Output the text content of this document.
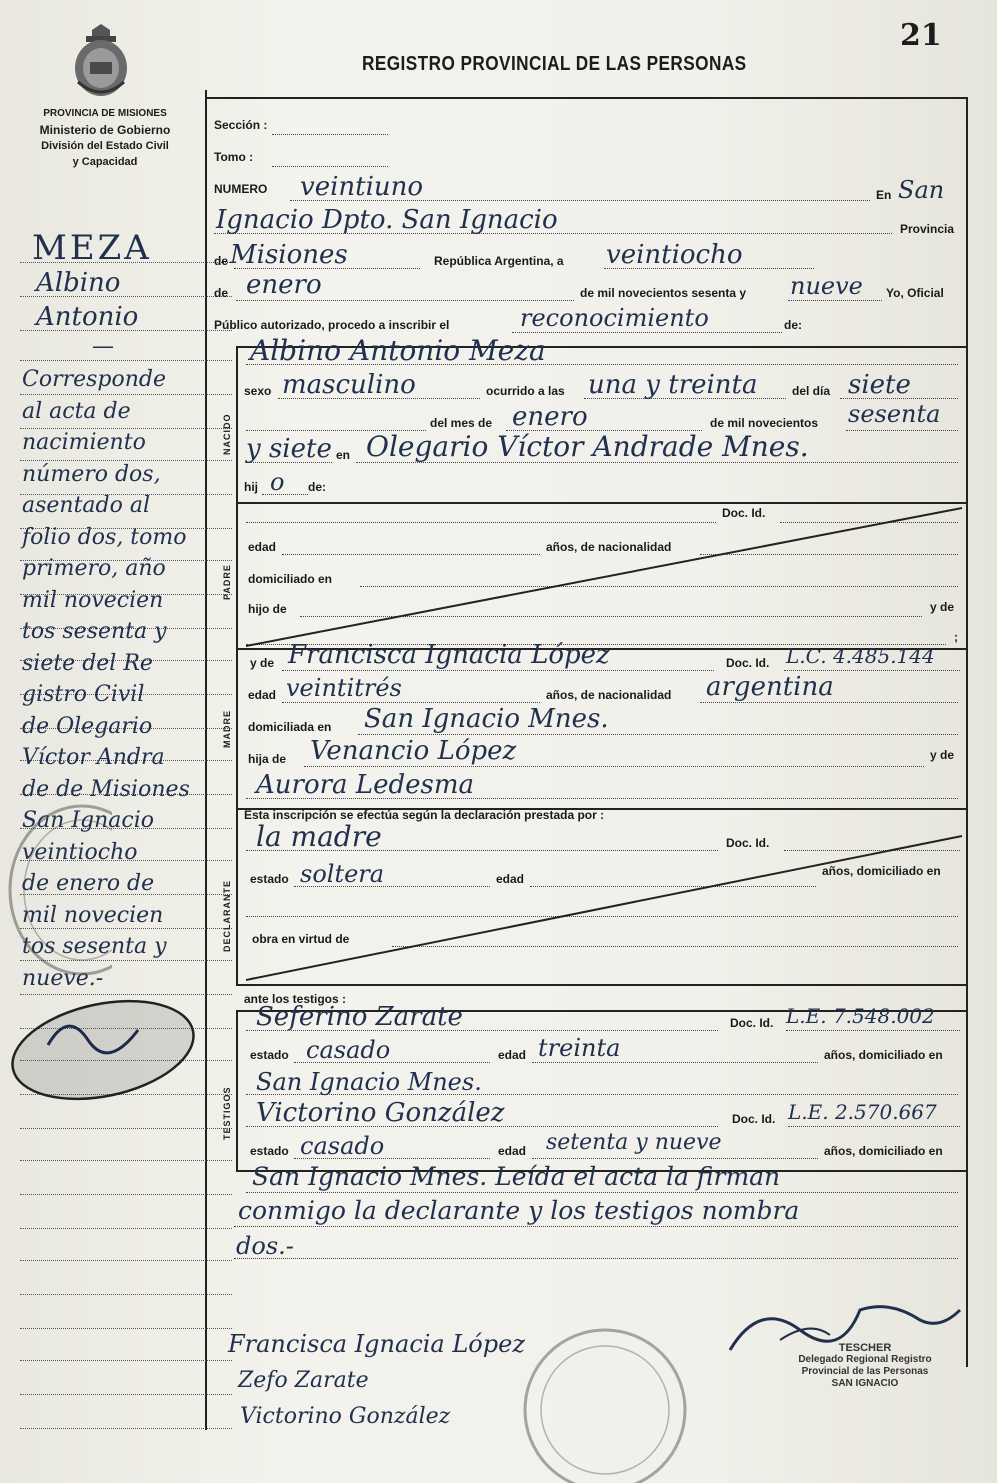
21
REGISTRO PROVINCIAL DE LAS PERSONAS
PROVINCIA DE MISIONES
Ministerio de Gobierno
División del Estado Civil
y Capacidad
MEZA
Albino
Antonio
—
Corresponde
al acta de
nacimiento
número dos,
asentado al
folio dos, tomo
primero, año
mil novecien
tos sesenta y
siete del Re
gistro Civil
de Olegario
Víctor Andra
de de Misiones
San Ignacio
veintiocho
de enero de
mil novecien
tos sesenta y
nueve.-
Sección :
Tomo :
NUMERO veintiuno	En San
Ignacio Dpto. San Ignacio	Provincia
de Misiones	República Argentina, a veintiocho
de enero	de mil novecientos sesenta y nueve Yo, Oficial
Público autorizado, procedo a inscribir el	reconocimiento	de:
NACIDO
Albino Antonio Meza
sexo masculino	ocurrido a las una y treinta	del día siete
del mes de enero	de mil novecientos sesenta
y siete en Olegario Víctor Andrade Mnes.
hij o de:
PADRE
Doc. Id.
edad	años, de nacionalidad
domiciliado en
hijo de	y de
;
MADRE
y de Francisca Ignacia López	Doc. Id. L.C. 4.485.144
edad veintitrés	años, de nacionalidad argentina
domiciliada en San Ignacio Mnes.
hija de Venancio López	y de
Aurora Ledesma
DECLARANTE
Esta inscripción se efectúa según la declaración prestada por :
la madre	Doc. Id.
estado soltera	edad
años, domiciliado en
obra en virtud de
ante los testigos :
TESTIGOS
Seferino Zarate	Doc. Id. L.E. 7.548.002
estado casado	edad treinta	años, domiciliado en
San Ignacio Mnes.
Victorino González	Doc. Id. L.E. 2.570.667
estado casado	edad setenta y nueve	años, domiciliado en
San Ignacio Mnes. Leída el acta la firman
conmigo la declarante y los testigos nombra
dos.-
Francisca Ignacia López
Zefo Zarate
Victorino González
TESCHER
Delegado Regional Registro
Provincial de las Personas
SAN IGNACIO
